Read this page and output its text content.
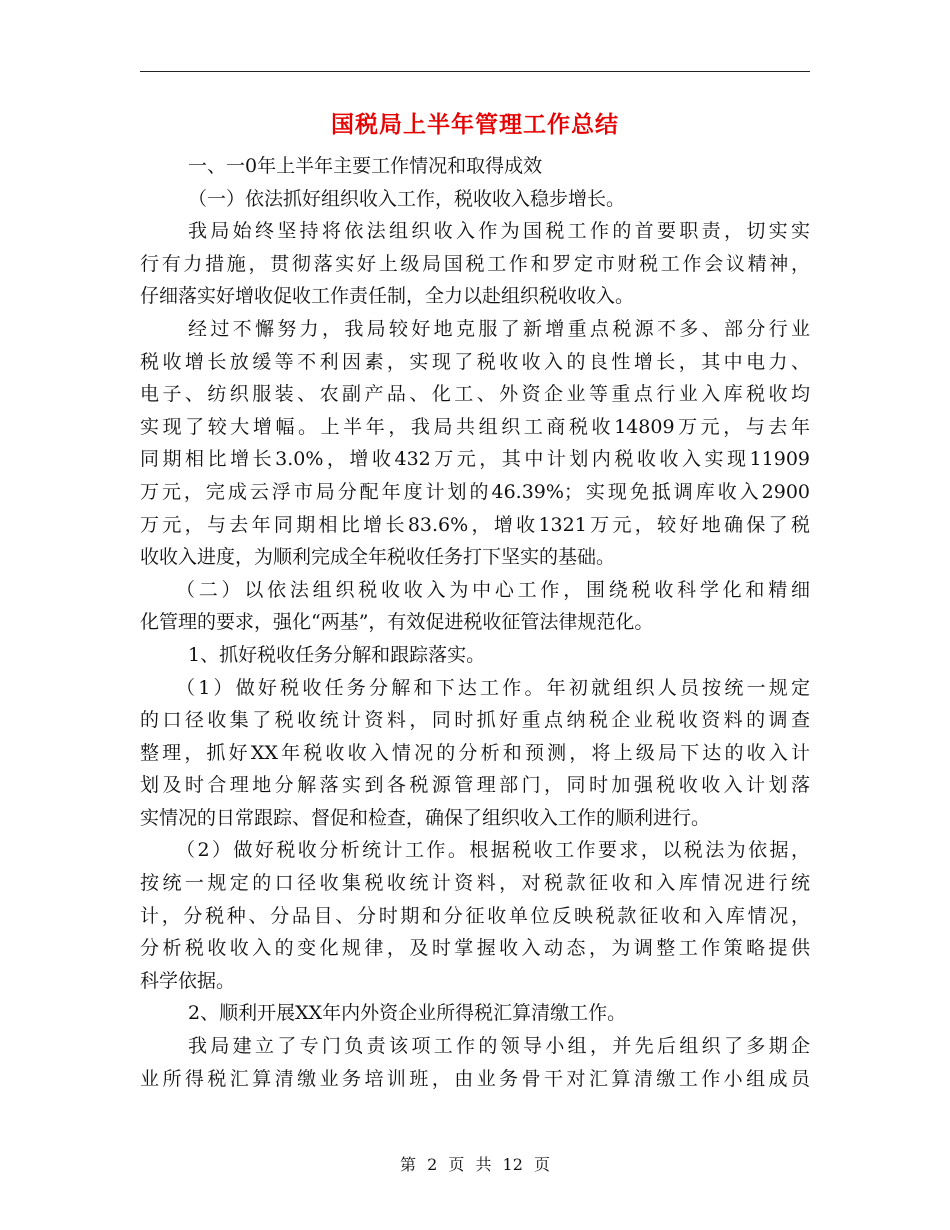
国税局上半年管理工作总结
一、一0年上半年主要工作情况和取得成效
（一）依法抓好组织收入工作，税收收入稳步增长。
我局始终坚持将依法组织收入作为国税工作的首要职责，切实实
行有力措施，贯彻落实好上级局国税工作和罗定市财税工作会议精神，
仔细落实好增收促收工作责任制，全力以赴组织税收收入。
经过不懈努力，我局较好地克服了新增重点税源不多、部分行业
税收增长放缓等不利因素，实现了税收收入的良性增长，其中电力、
电子、纺织服装、农副产品、化工、外资企业等重点行业入库税收均
实现了较大增幅。上半年，我局共组织工商税收14809万元，与去年
同期相比增长3.0%，增收432万元，其中计划内税收收入实现11909
万元，完成云浮市局分配年度计划的46.39%；实现免抵调库收入2900
万元，与去年同期相比增长83.6%，增收1321万元，较好地确保了税
收收入进度，为顺利完成全年税收任务打下坚实的基础。
（二）以依法组织税收收入为中心工作，围绕税收科学化和精细
化管理的要求，强化“两基”，有效促进税收征管法律规范化。
1、抓好税收任务分解和跟踪落实。
（1）做好税收任务分解和下达工作。年初就组织人员按统一规定
的口径收集了税收统计资料，同时抓好重点纳税企业税收资料的调查
整理，抓好XX年税收收入情况的分析和预测，将上级局下达的收入计
划及时合理地分解落实到各税源管理部门，同时加强税收收入计划落
实情况的日常跟踪、督促和检查，确保了组织收入工作的顺利进行。
（2）做好税收分析统计工作。根据税收工作要求，以税法为依据，
按统一规定的口径收集税收统计资料，对税款征收和入库情况进行统
计，分税种、分品目、分时期和分征收单位反映税款征收和入库情况，
分析税收收入的变化规律，及时掌握收入动态，为调整工作策略提供
科学依据。
2、顺利开展XX年内外资企业所得税汇算清缴工作。
我局建立了专门负责该项工作的领导小组，并先后组织了多期企
业所得税汇算清缴业务培训班，由业务骨干对汇算清缴工作小组成员
第 2 页 共 12 页
